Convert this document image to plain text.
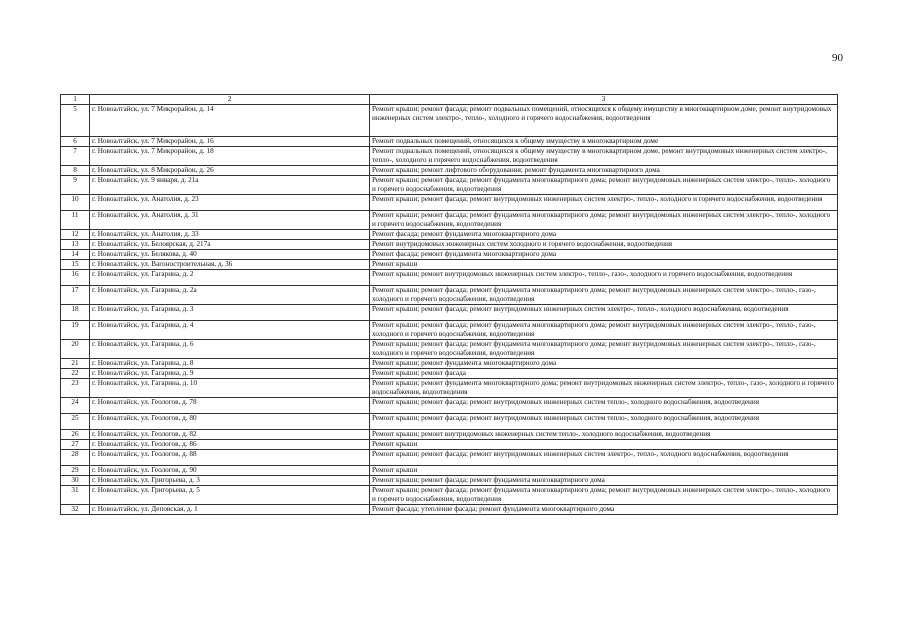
90
1	2	3
5	г. Новоалтайск, ул. 7 Микрорайон, д. 14	Ремонт крыши; ремонт фасада; ремонт подвальных помещений, относящихся к общему имуществу в многоквартирном доме, ремонт внутридомовых инженерных систем электро-, тепло-, холодного и горячего водоснабжения, водоотведения
6	г. Новоалтайск, ул. 7 Микрорайон, д. 16	Ремонт подвальных помещений, относящихся к общему имуществу в многоквартирном доме
7	г. Новоалтайск, ул. 7 Микрорайон, д. 18	Ремонт подвальных помещений, относящихся к общему имуществу в многоквартирном доме, ремонт внутридомовых инженерных систем электро-, тепло-, холодного и горячего водоснабжения, водоотведения
8	г. Новоалтайск, ул. 8 Микрорайон, д. 26	Ремонт крыши; ремонт лифтового оборудования; ремонт фундамента многоквартирного дома
9	г. Новоалтайск, ул. 9 января, д. 21а	Ремонт крыши; ремонт фасада; ремонт фундамента многоквартирного дома; ремонт внутридомовых инженерных систем электро-, тепло-, холодного и горячего водоснабжения, водоотведения
10	г. Новоалтайск, ул. Анатолия, д. 23	Ремонт крыши; ремонт фасада; ремонт внутридомовых инженерных систем электро-, тепло-, холодного и горячего водоснабжения, водоотведения
11	г. Новоалтайск, ул. Анатолия, д. 31	Ремонт крыши; ремонт фасада; ремонт фундамента многоквартирного дома; ремонт внутридомовых инженерных систем электро-, тепло-, холодного и горячего водоснабжения, водоотведения
12	г. Новоалтайск, ул. Анатолия, д. 33	Ремонт фасада; ремонт фундамента многоквартирного дома
13	г. Новоалтайск, ул. Белоярская, д. 217а	Ремонт внутридомовых инженерных систем холодного и горячего водоснабжения, водоотведения
14	г. Новоалтайск, ул. Белякова, д. 40	Ремонт фасада; ремонт фундамента многоквартирного дома
15	г. Новоалтайск, ул. Вагоностроительная, д. 36	Ремонт крыши
16	г. Новоалтайск, ул. Гагарина, д. 2	Ремонт крыши; ремонт внутридомовых инженерных систем электро-, тепло-, газо-, холодного и горячего водоснабжения, водоотведения
17	г. Новоалтайск, ул. Гагарина, д. 2а	Ремонт крыши; ремонт фасада; ремонт фундамента многоквартирного дома; ремонт внутридомовых инженерных систем электро-, тепло-, газо-, холодного и горячего водоснабжения, водоотведения
18	г. Новоалтайск, ул. Гагарина, д. 3	Ремонт крыши; ремонт фасада; ремонт внутридомовых инженерных систем электро-, тепло-, холодного водоснабжения, водоотведения
19	г. Новоалтайск, ул. Гагарина, д. 4	Ремонт крыши; ремонт фасада; ремонт фундамента многоквартирного дома; ремонт внутридомовых инженерных систем электро-, тепло-, газо-, холодного и горячего водоснабжения, водоотведения
20	г. Новоалтайск, ул. Гагарина, д. 6	Ремонт крыши; ремонт фасада; ремонт фундамента многоквартирного дома; ремонт внутридомовых инженерных систем электро-, тепло-, газо-, холодного и горячего водоснабжения, водоотведения
21	г. Новоалтайск, ул. Гагарина, д. 8	Ремонт крыши; ремонт фундамента многоквартирного дома
22	г. Новоалтайск, ул. Гагарина, д. 9	Ремонт крыши; ремонт фасада
23	г. Новоалтайск, ул. Гагарина, д. 10	Ремонт крыши; ремонт фундамента многоквартирного дома; ремонт внутридомовых инженерных систем электро-, тепло-, газо-, холодного и горячего водоснабжения, водоотведения
24	г. Новоалтайск, ул. Геологов, д. 78	Ремонт крыши; ремонт фасада; ремонт внутридомовых инженерных систем тепло-, холодного водоснабжения, водоотведения
25	г. Новоалтайск, ул. Геологов, д. 80	Ремонт крыши; ремонт фасада; ремонт внутридомовых инженерных систем тепло-, холодного водоснабжения, водоотведения
26	г. Новоалтайск, ул. Геологов, д. 82	Ремонт крыши; ремонт внутридомовых инженерных систем тепло-, холодного водоснабжения, водоотведения
27	г. Новоалтайск, ул. Геологов, д. 86	Ремонт крыши
28	г. Новоалтайск, ул. Геологов, д. 88	Ремонт крыши; ремонт фасада; ремонт внутридомовых инженерных систем электро-, тепло-, холодного водоснабжения, водоотведения
29	г. Новоалтайск, ул. Геологов, д. 90	Ремонт крыши
30	г. Новоалтайск, ул. Григорьева, д. 3	Ремонт крыши; ремонт фасада; ремонт фундамента многоквартирного дома
31	г. Новоалтайск, ул. Григорьева, д. 5	Ремонт крыши; ремонт фасада; ремонт фундамента многоквартирного дома; ремонт внутридомовых инженерных систем электро-, тепло-, холодного и горячего водоснабжения, водоотведения
32	г. Новоалтайск, ул. Деповская, д. 1	Ремонт фасада; утепление фасада; ремонт фундамента многоквартирного дома
